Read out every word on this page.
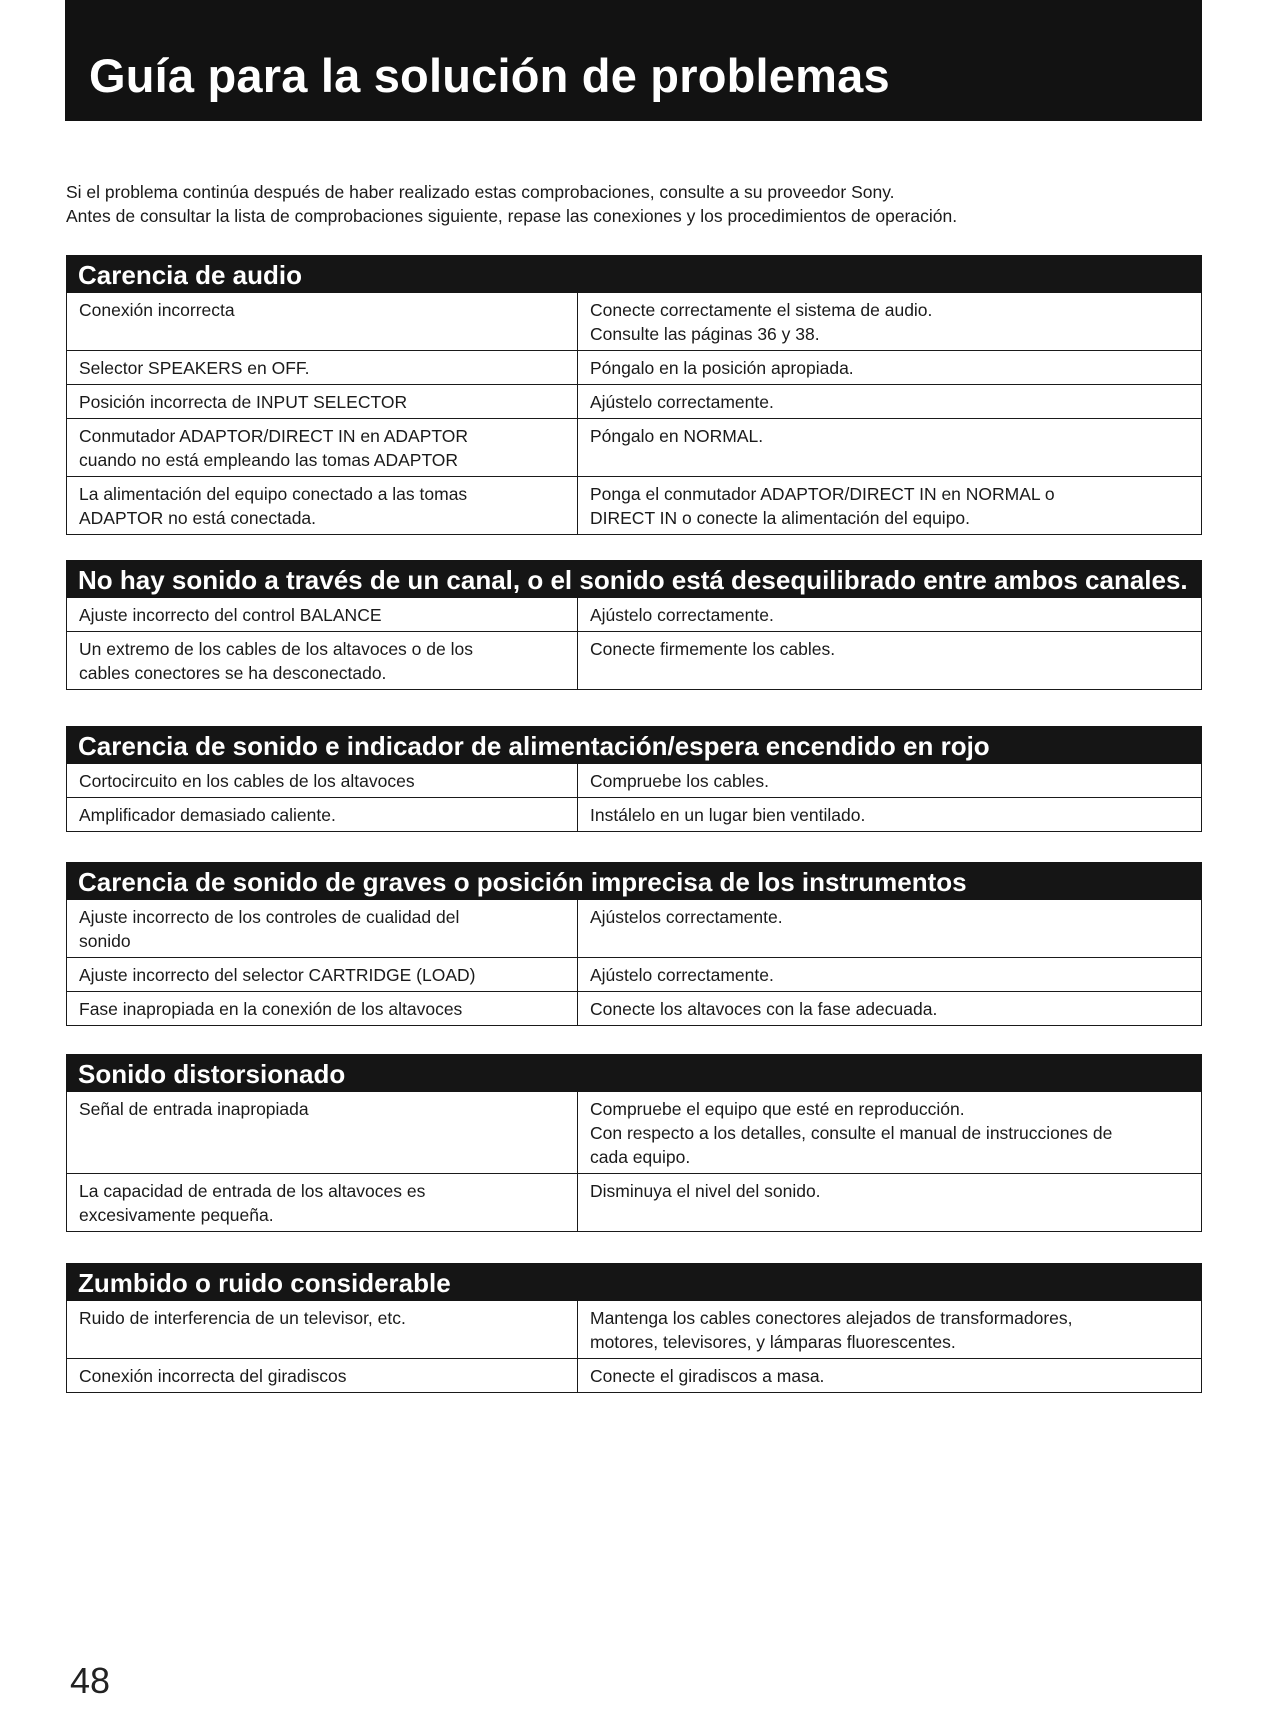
Guía para la solución de problemas

Si el problema continúa después de haber realizado estas comprobaciones, consulte a su proveedor Sony.

Antes de consultar la lista de comprobaciones siguiente, repase las conexiones y los procedimientos de operación.

Carencia de audio
Conexión incorrecta	Conecte correctamente el sistema de audio.
Consulte las páginas 36 y 38.

Selector SPEAKERS en OFF.	Póngalo en la posición apropiada.

Posición incorrecta de INPUT SELECTOR	Ajústelo correctamente.

Conmutador ADAPTOR/DIRECT IN en ADAPTOR
cuando no está empleando las tomas ADAPTOR	Póngalo en NORMAL.

La alimentación del equipo conectado a las tomas
ADAPTOR no está conectada.	Ponga el conmutador ADAPTOR/DIRECT IN en NORMAL o
DIRECT IN o conecte la alimentación del equipo.
No hay sonido a través de un canal, o el sonido está desequilibrado entre ambos canales.
Ajuste incorrecto del control BALANCE	Ajústelo correctamente.

Un extremo de los cables de los altavoces o de los
cables conectores se ha desconectado.	Conecte firmemente los cables.
Carencia de sonido e indicador de alimentación/espera encendido en rojo
Cortocircuito en los cables de los altavoces	Compruebe los cables.

Amplificador demasiado caliente.	Instálelo en un lugar bien ventilado.
Carencia de sonido de graves o posición imprecisa de los instrumentos
Ajuste incorrecto de los controles de cualidad del
sonido	Ajústelos correctamente.

Ajuste incorrecto del selector CARTRIDGE (LOAD)	Ajústelo correctamente.

Fase inapropiada en la conexión de los altavoces	Conecte los altavoces con la fase adecuada.
Sonido distorsionado
Señal de entrada inapropiada	Compruebe el equipo que esté en reproducción.
Con respecto a los detalles, consulte el manual de instrucciones de
cada equipo.

La capacidad de entrada de los altavoces es
excesivamente pequeña.	Disminuya el nivel del sonido.
Zumbido o ruido considerable
Ruido de interferencia de un televisor, etc.	Mantenga los cables conectores alejados de transformadores,
motores, televisores, y lámparas fluorescentes.

Conexión incorrecta del giradiscos	Conecte el giradiscos a masa.
48
